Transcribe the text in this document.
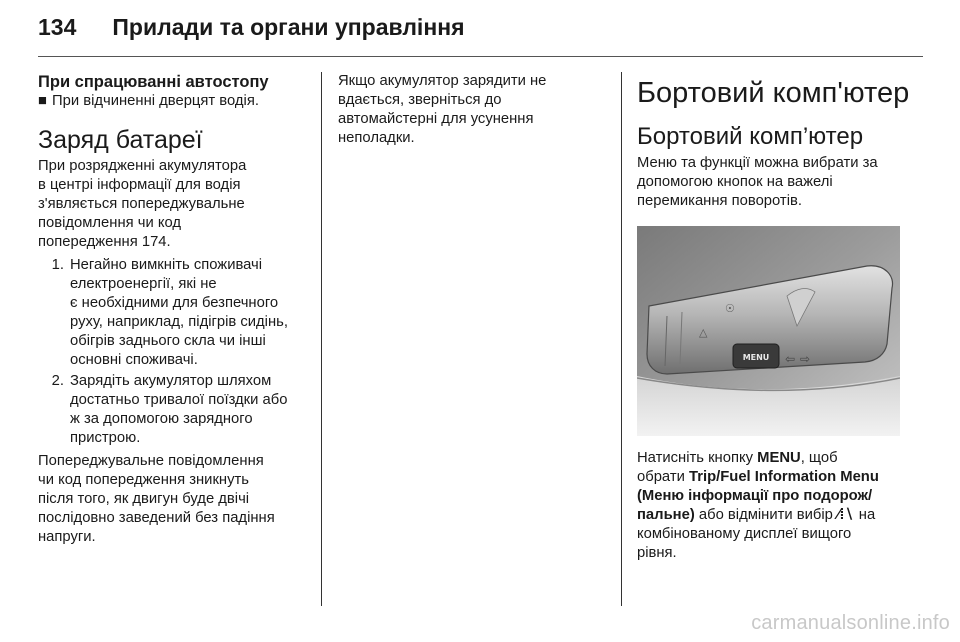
134 Прилади та органи управління
При спрацюванні автостопу
■ При відчиненні дверцят водія.
Заряд батареї
При розрядженні акумулятора
в центрі інформації для водія
з'являється попереджувальне
повідомлення чи код
попередження 174.
1. Негайно вимкніть споживачі
електроенергії, які не
є необхідними для безпечного
руху, наприклад, підігрів сидінь,
обігрів заднього скла чи інші
основні споживачі.
2. Зарядіть акумулятор шляхом
достатньо тривалої поїздки або
ж за допомогою зарядного
пристрою.
Попереджувальне повідомлення
чи код попередження зникнуть
після того, як двигун буде двічі
послідовно заведений без падіння
напруги.
Якщо акумулятор зарядити не
вдається, зверніться до
автомайстерні для усунення
неполадки.
Бортовий комп'ютер
Бортовий комп’ютер
Меню та функції можна вибрати за
допомогою кнопок на важелі
перемикання поворотів.
☉
△
MENU ⇦ ⇨
Натисніть кнопку MENU, щоб
обрати Trip/Fuel Information Menu
(Меню інформації про подорож/
пальне) або відмінити вибір ⁄⁞∖ на
комбінованому дисплеї вищого
рівня.
carmanualsonline.info
